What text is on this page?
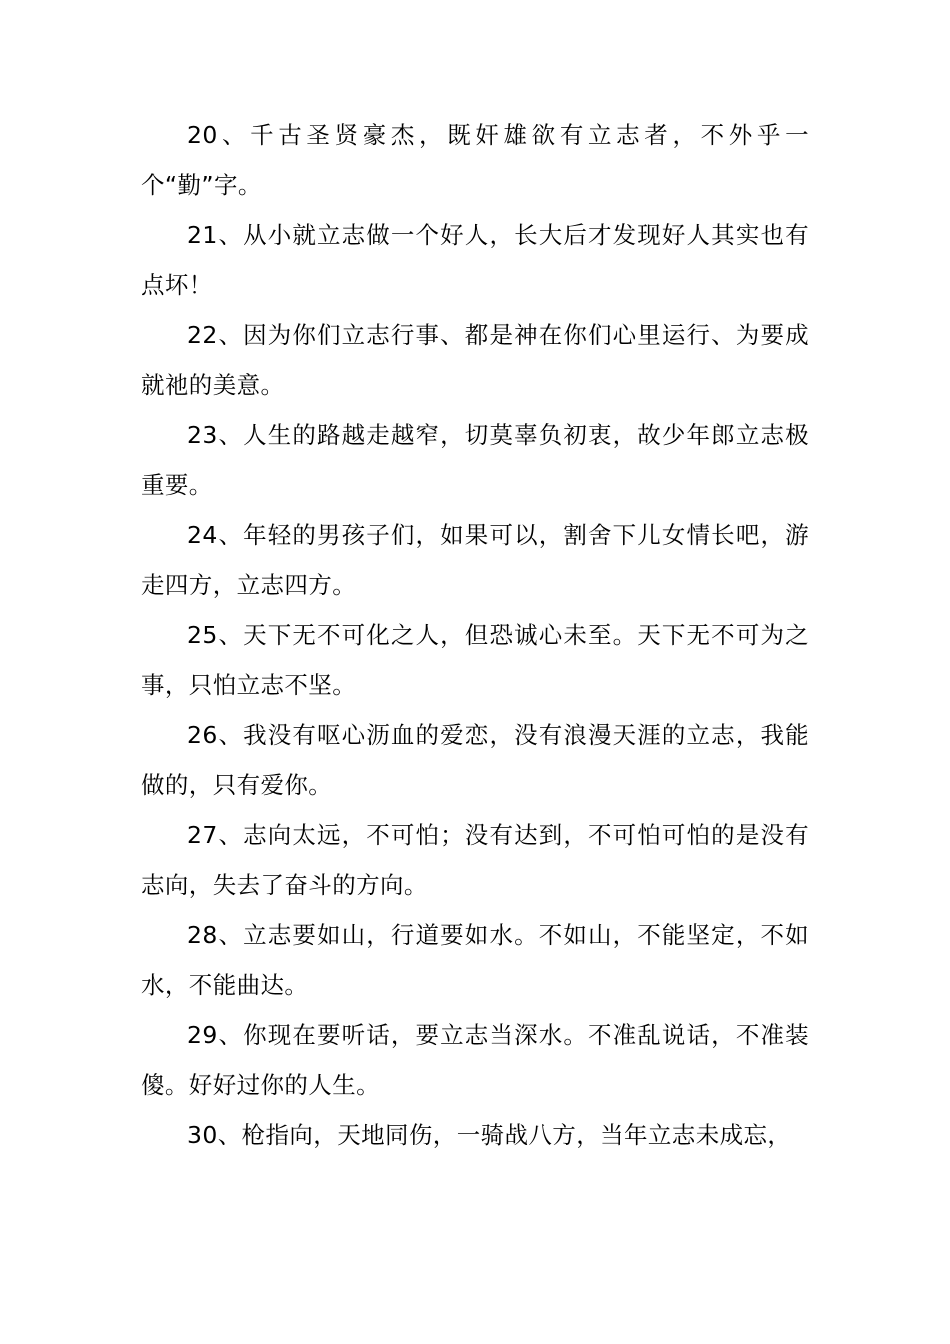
20、千古圣贤豪杰，既奸雄欲有立志者，不外乎一个“勤”字。

21、从小就立志做一个好人，长大后才发现好人其实也有点坏！

22、因为你们立志行事、都是神在你们心里运行、为要成就祂的美意。

23、人生的路越走越窄，切莫辜负初衷，故少年郎立志极重要。

24、年轻的男孩子们，如果可以，割舍下儿女情长吧，游走四方，立志四方。

25、天下无不可化之人，但恐诚心未至。天下无不可为之事，只怕立志不坚。

26、我没有呕心沥血的爱恋，没有浪漫天涯的立志，我能做的，只有爱你。

27、志向太远，不可怕；没有达到，不可怕可怕的是没有志向，失去了奋斗的方向。

28、立志要如山，行道要如水。不如山，不能坚定，不如水，不能曲达。

29、你现在要听话，要立志当深水。不准乱说话，不准装傻。好好过你的人生。

30、枪指向，天地同伤，一骑战八方，当年立志未成忘，
